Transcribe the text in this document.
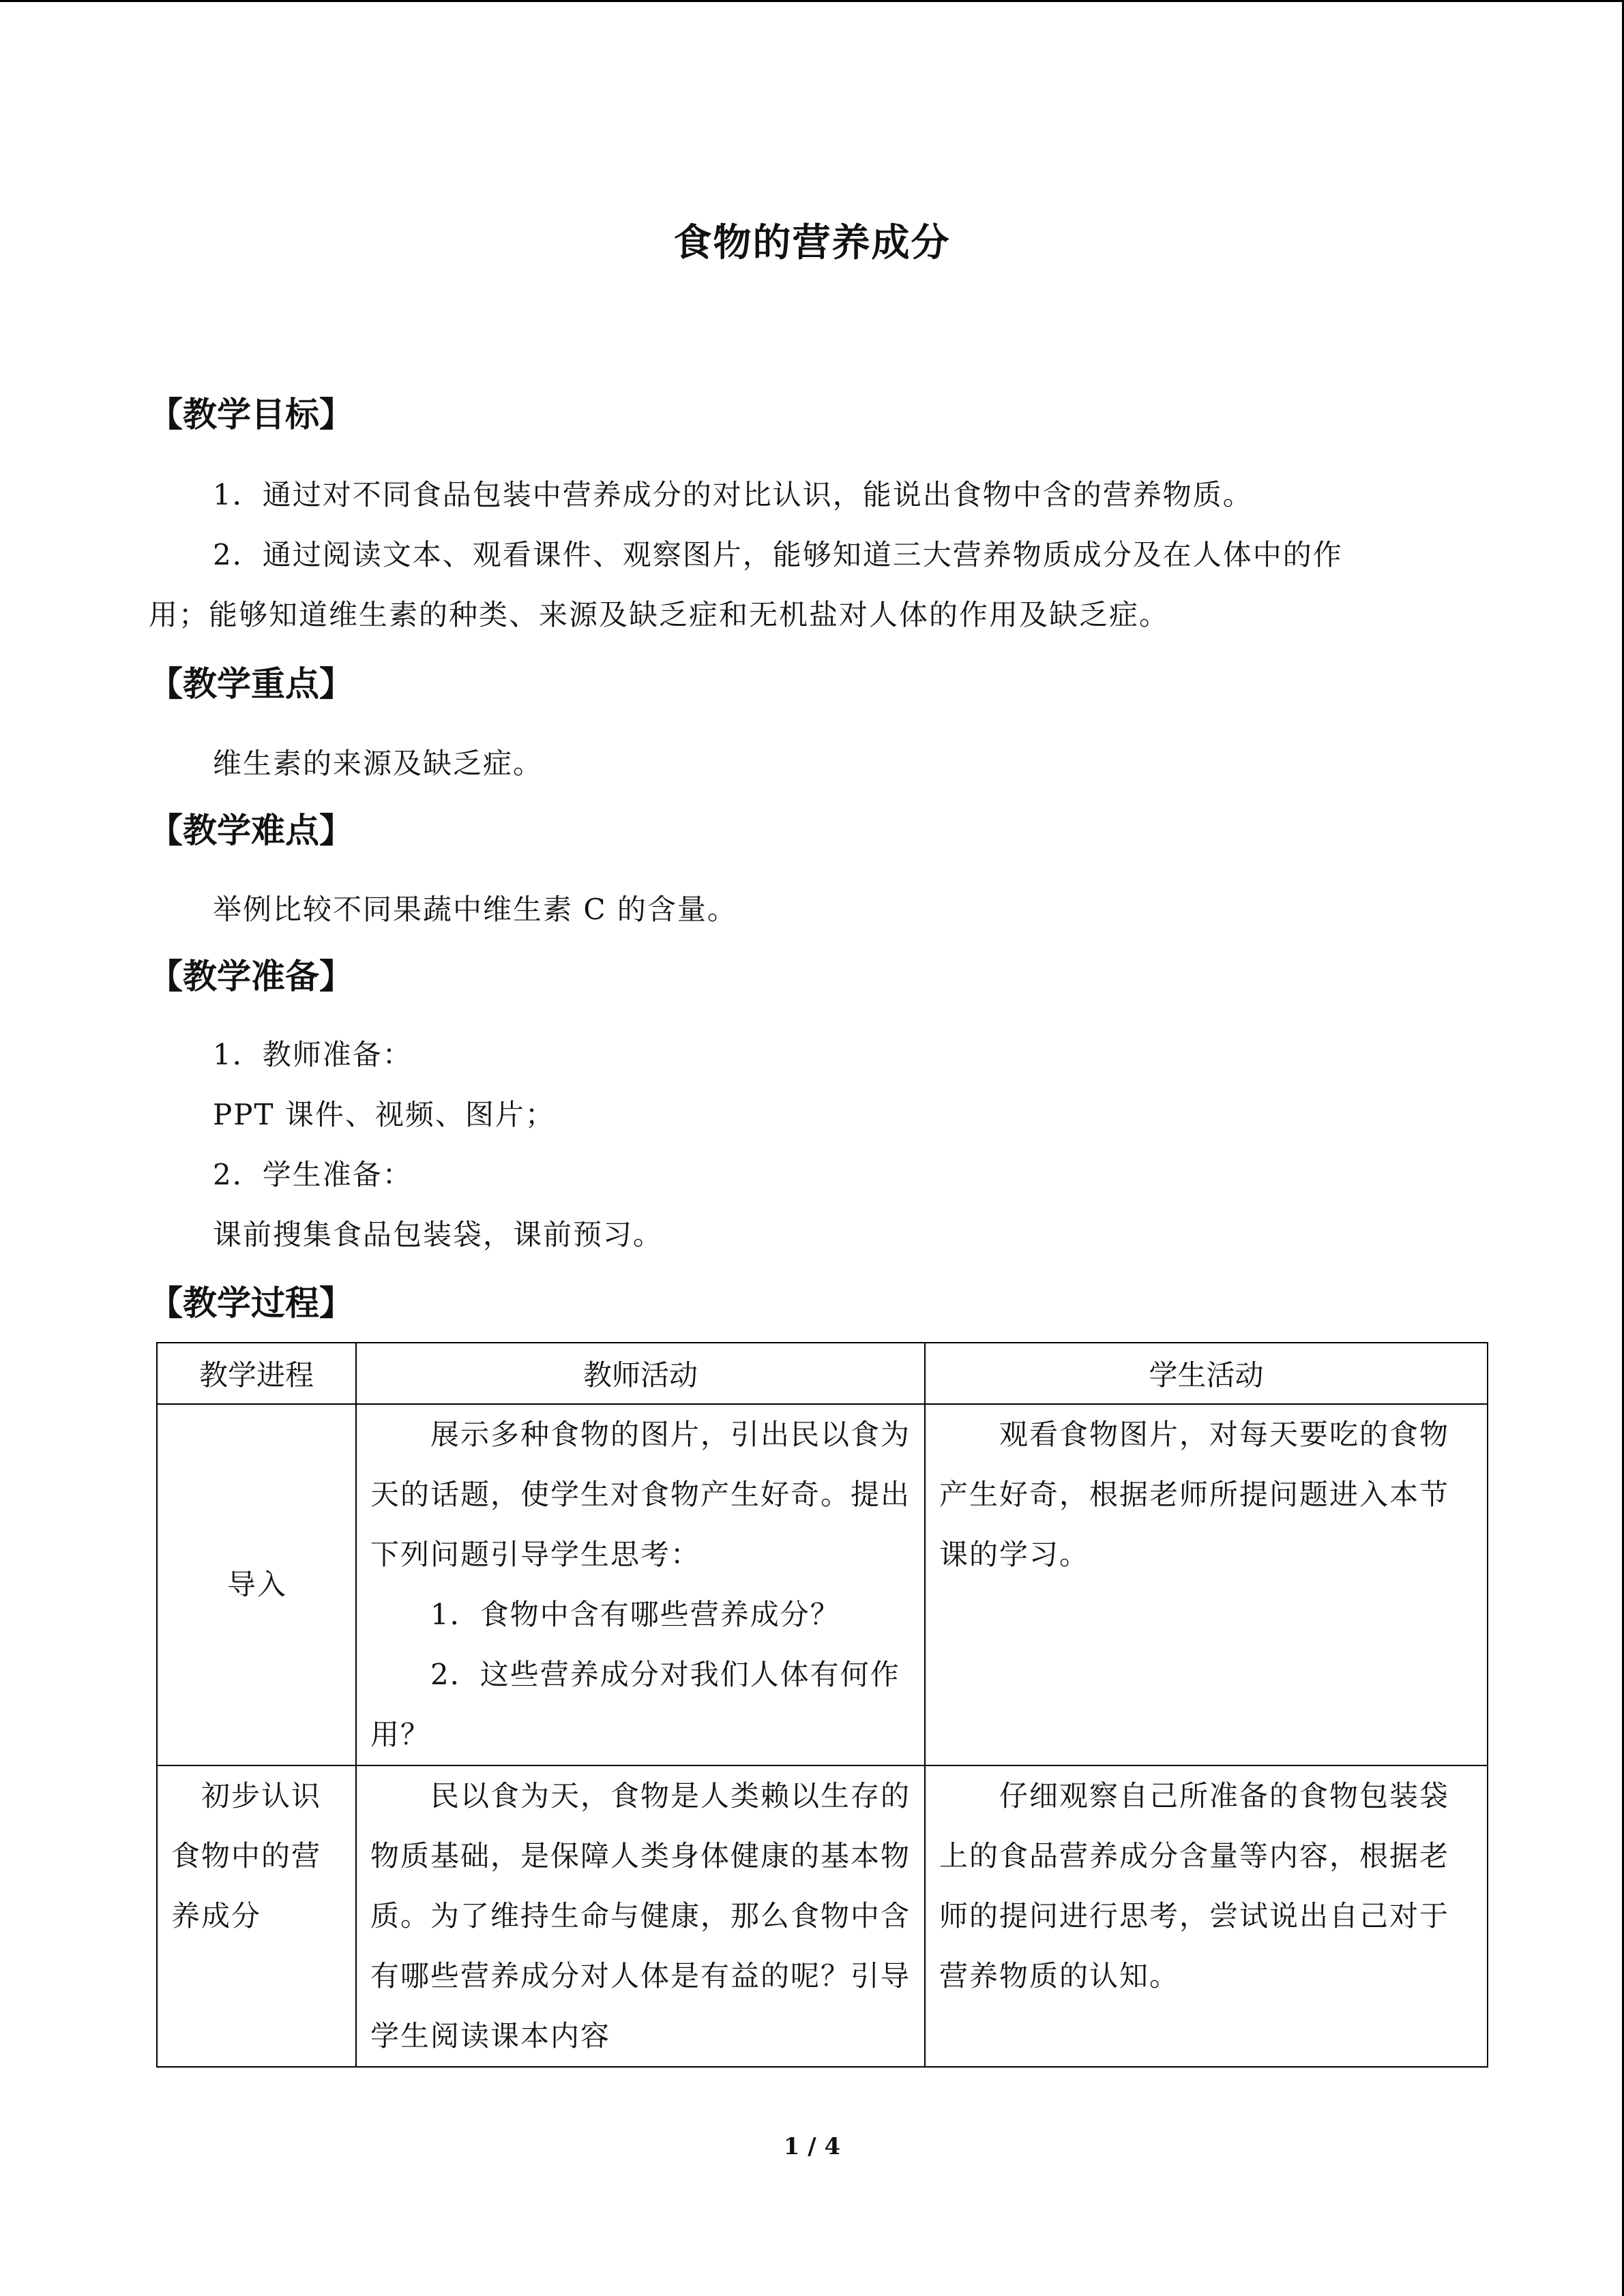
食物的营养成分
【教学目标】
1．通过对不同食品包装中营养成分的对比认识，能说出食物中含的营养物质。
2．通过阅读文本、观看课件、观察图片，能够知道三大营养物质成分及在人体中的作
用；能够知道维生素的种类、来源及缺乏症和无机盐对人体的作用及缺乏症。
【教学重点】
维生素的来源及缺乏症。
【教学难点】
举例比较不同果蔬中维生素 C 的含量。
【教学准备】
1．教师准备：
PPT 课件、视频、图片；
2．学生准备：
课前搜集食品包装袋，课前预习。
【教学过程】
教学进程	教师活动	学生活动

导入	展示多种食物的图片，引出民以食为天的话题，使学生对食物产生好奇。提出下列问题引导学生思考：
1．食物中含有哪些营养成分？
2．这些营养成分对我们人体有何作用？	观看食物图片，对每天要吃的食物产生好奇，根据老师所提问题进入本节课的学习。

初步认识食物中的营养成分	民以食为天，食物是人类赖以生存的物质基础，是保障人类身体健康的基本物质。为了维持生命与健康，那么食物中含有哪些营养成分对人体是有益的呢？引导学生阅读课本内容	仔细观察自己所准备的食物包装袋上的食品营养成分含量等内容，根据老师的提问进行思考，尝试说出自己对于营养物质的认知。
1 / 4
